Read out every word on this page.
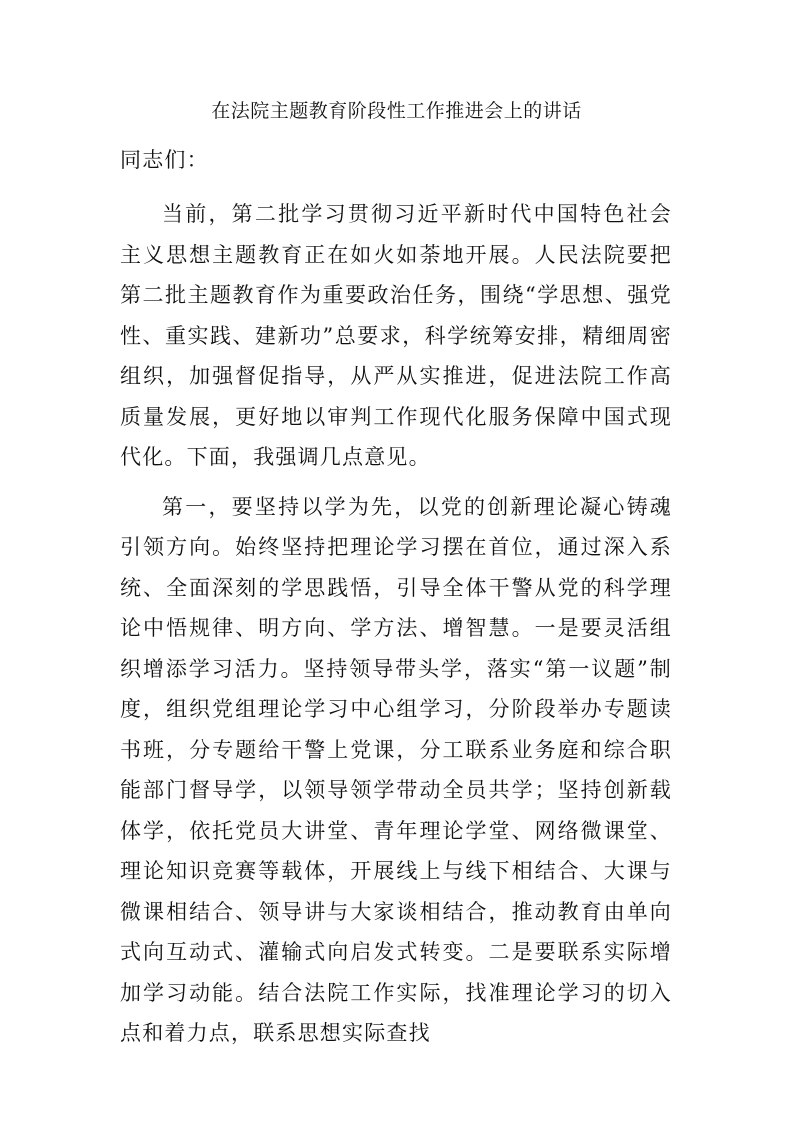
在法院主题教育阶段性工作推进会上的讲话

同志们：

当前，第二批学习贯彻习近平新时代中国特色社会主义思想主题教育正在如火如荼地开展。人民法院要把第二批主题教育作为重要政治任务，围绕“学思想、强党性、重实践、建新功”总要求，科学统筹安排，精细周密组织，加强督促指导，从严从实推进，促进法院工作高质量发展，更好地以审判工作现代化服务保障中国式现代化。下面，我强调几点意见。

第一，要坚持以学为先，以党的创新理论凝心铸魂引领方向。始终坚持把理论学习摆在首位，通过深入系统、全面深刻的学思践悟，引导全体干警从党的科学理论中悟规律、明方向、学方法、增智慧。一是要灵活组织增添学习活力。坚持领导带头学，落实“第一议题”制度，组织党组理论学习中心组学习，分阶段举办专题读书班，分专题给干警上党课，分工联系业务庭和综合职能部门督导学，以领导领学带动全员共学；坚持创新载体学，依托党员大讲堂、青年理论学堂、网络微课堂、理论知识竞赛等载体，开展线上与线下相结合、大课与微课相结合、领导讲与大家谈相结合，推动教育由单向式向互动式、灌输式向启发式转变。二是要联系实际增加学习动能。结合法院工作实际，找准理论学习的切入点和着力点，联系思想实际查找
